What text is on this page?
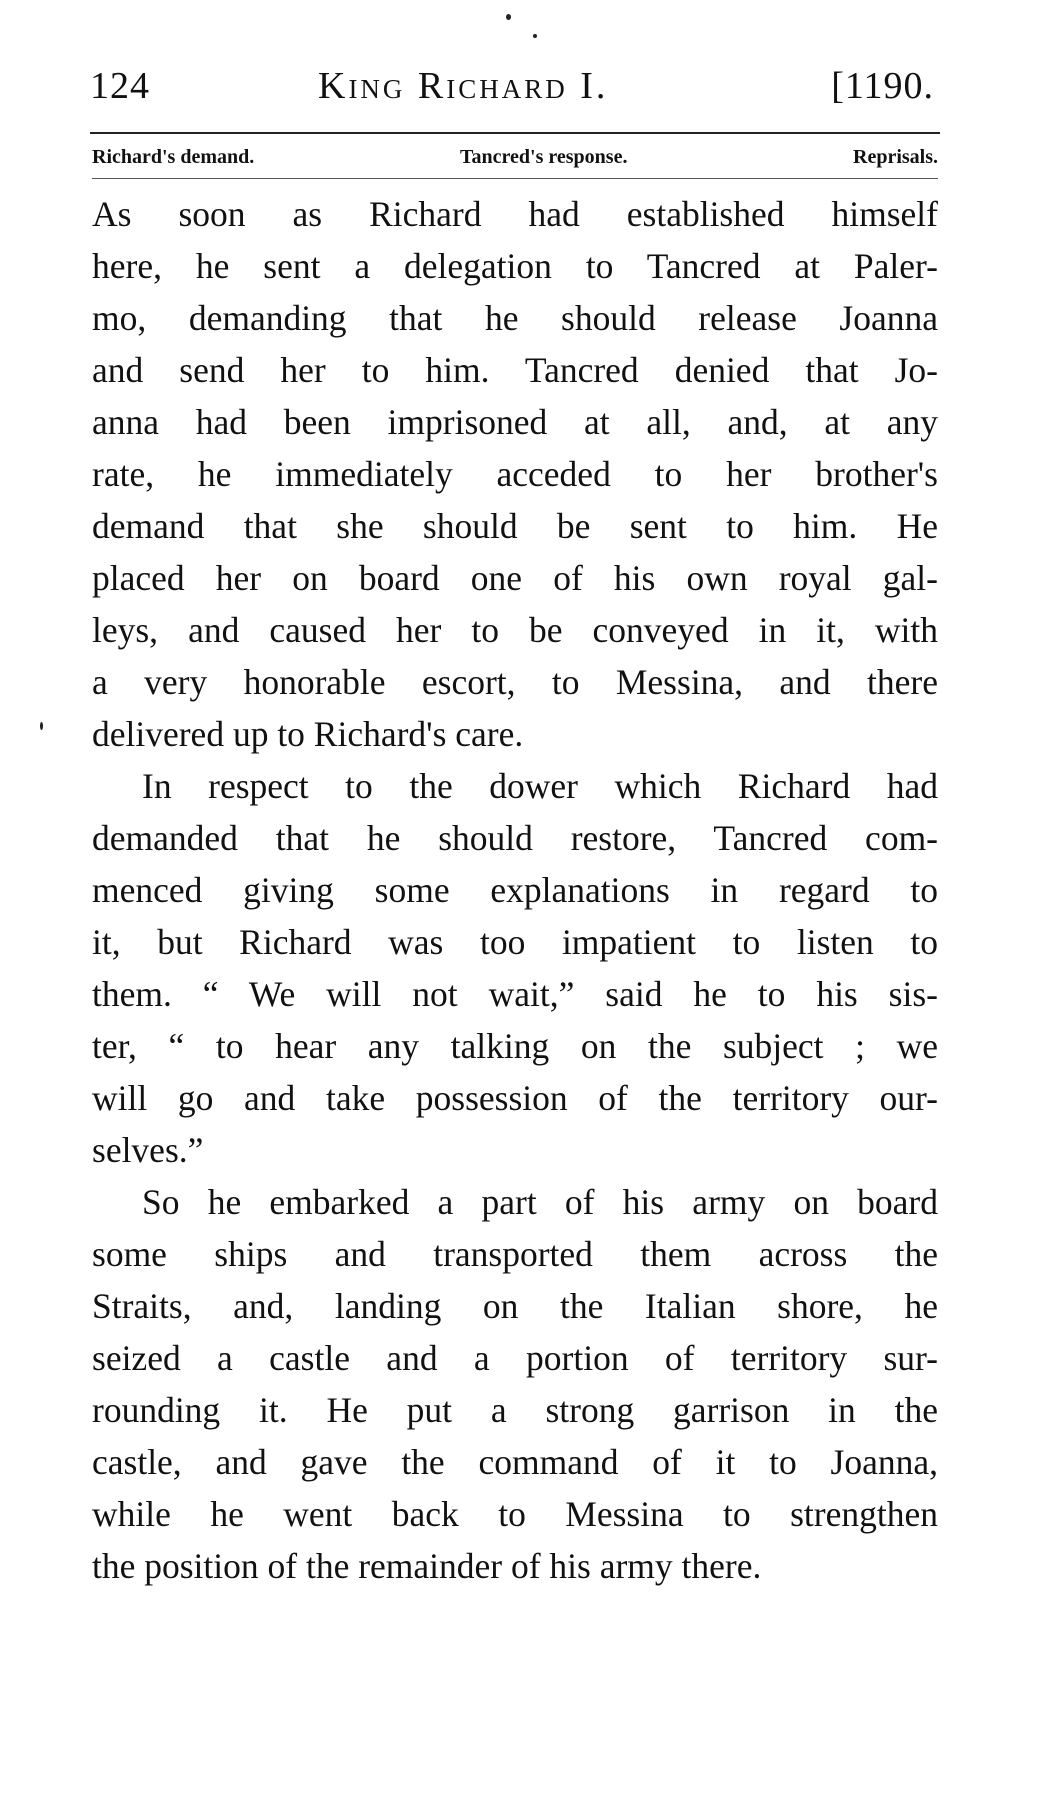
124	King Richard I.	[1190.
Richard's demand.	Tancred's response.	Reprisals.
As soon as Richard had established himself
here, he sent a delegation to Tancred at Paler-
mo, demanding that he should release Joanna
and send her to him. Tancred denied that Jo-
anna had been imprisoned at all, and, at any
rate, he immediately acceded to her brother's
demand that she should be sent to him. He
placed her on board one of his own royal gal-
leys, and caused her to be conveyed in it, with
a very honorable escort, to Messina, and there
delivered up to Richard's care.
In respect to the dower which Richard had
demanded that he should restore, Tancred com-
menced giving some explanations in regard to
it, but Richard was too impatient to listen to
them. “ We will not wait,” said he to his sis-
ter, “ to hear any talking on the subject ; we
will go and take possession of the territory our-
selves.”
So he embarked a part of his army on board
some ships and transported them across the
Straits, and, landing on the Italian shore, he
seized a castle and a portion of territory sur-
rounding it. He put a strong garrison in the
castle, and gave the command of it to Joanna,
while he went back to Messina to strengthen
the position of the remainder of his army there.
